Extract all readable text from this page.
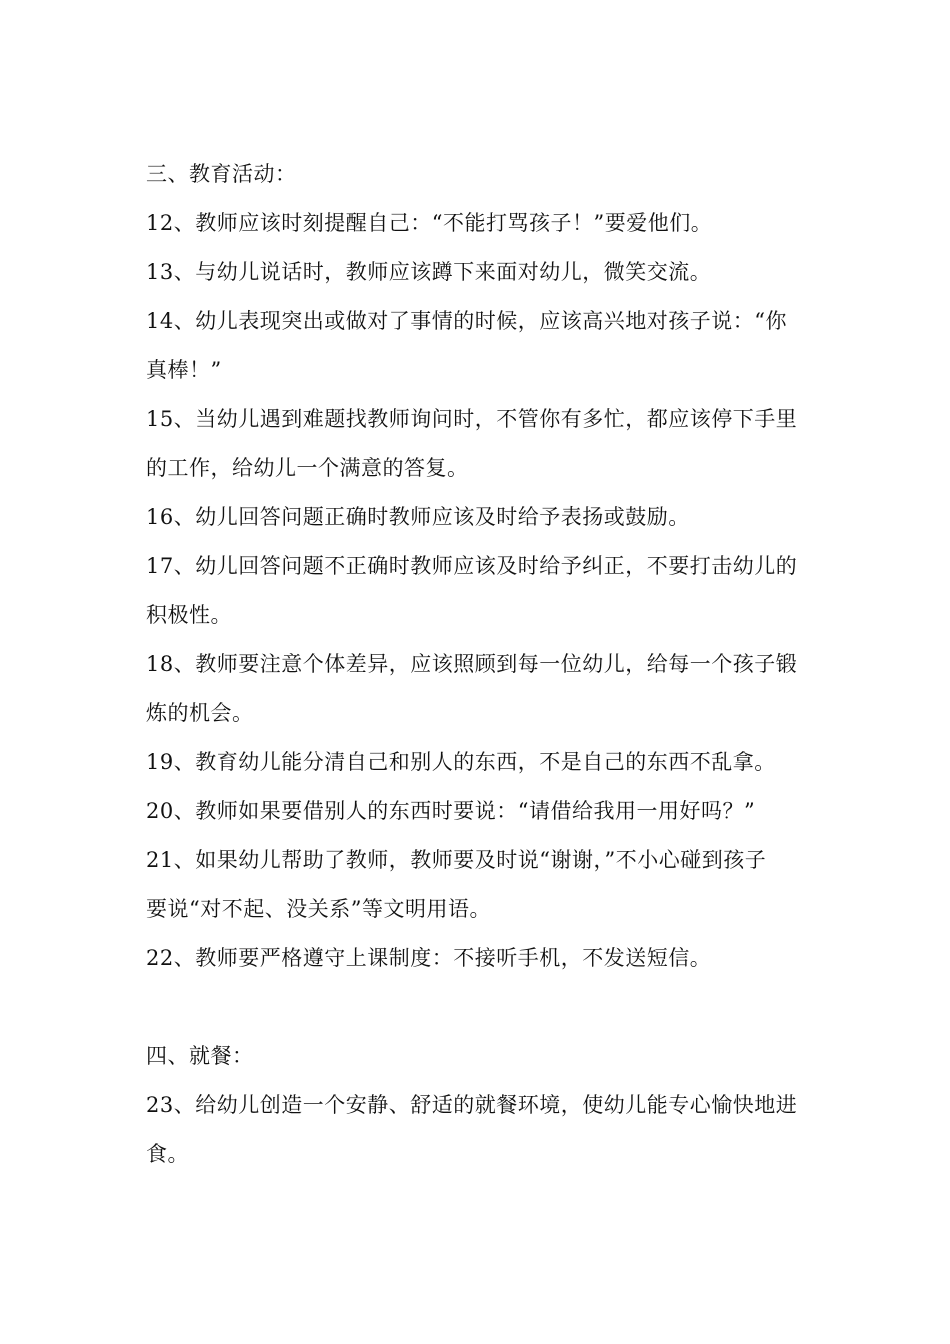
三、教育活动：
12、教师应该时刻提醒自己：“不能打骂孩子！”要爱他们。
13、与幼儿说话时，教师应该蹲下来面对幼儿，微笑交流。
14、幼儿表现突出或做对了事情的时候，应该高兴地对孩子说：“你
真棒！”
15、当幼儿遇到难题找教师询问时，不管你有多忙，都应该停下手里
的工作，给幼儿一个满意的答复。
16、幼儿回答问题正确时教师应该及时给予表扬或鼓励。
17、幼儿回答问题不正确时教师应该及时给予纠正，不要打击幼儿的
积极性。
18、教师要注意个体差异，应该照顾到每一位幼儿，给每一个孩子锻
炼的机会。
19、教育幼儿能分清自己和别人的东西，不是自己的东西不乱拿。
20、教师如果要借别人的东西时要说：“请借给我用一用好吗？”
21、如果幼儿帮助了教师，教师要及时说“谢谢，”不小心碰到孩子
要说“对不起、没关系”等文明用语。
22、教师要严格遵守上课制度：不接听手机，不发送短信。
四、就餐：
23、给幼儿创造一个安静、舒适的就餐环境，使幼儿能专心愉快地进
食。
